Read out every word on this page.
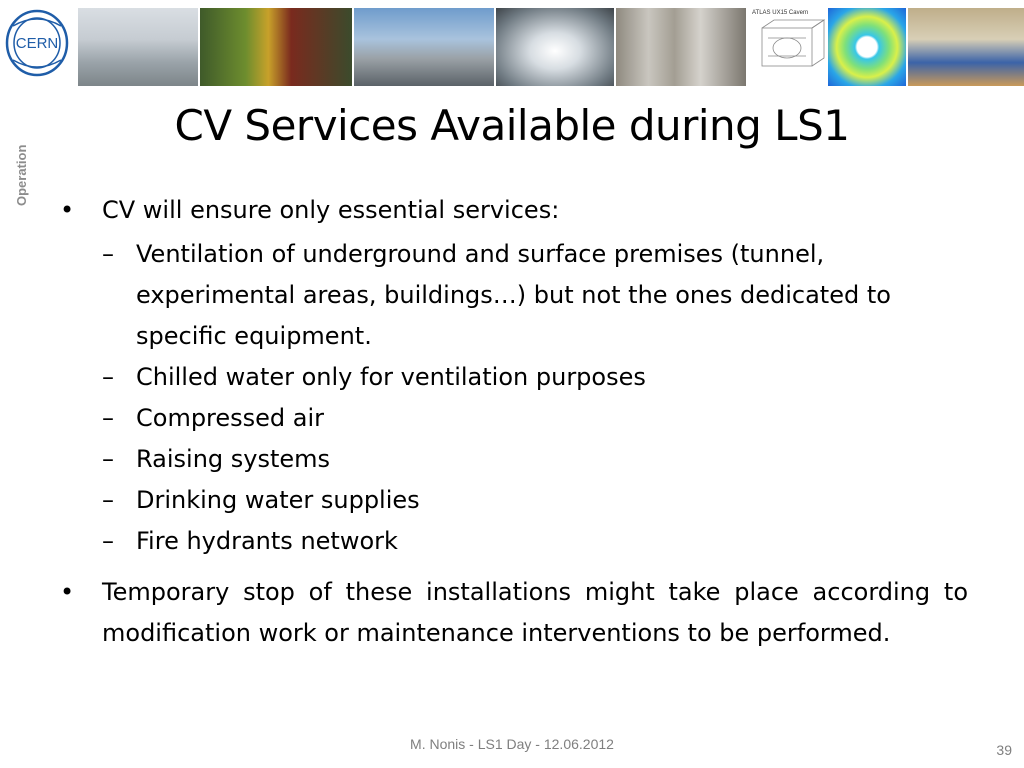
CERN
ATLAS UX15 Cavern
Operation
CV Services Available during LS1
• CV will ensure only essential services:
– Ventilation of underground and surface premises (tunnel, experimental areas, buildings…) but not the ones dedicated to specific equipment.
– Chilled water only for ventilation purposes
– Compressed air
– Raising systems
– Drinking water supplies
– Fire hydrants network
• Temporary stop of these installations might take place according to modification work or maintenance interventions to be performed.
M. Nonis - LS1 Day - 12.06.2012	39
